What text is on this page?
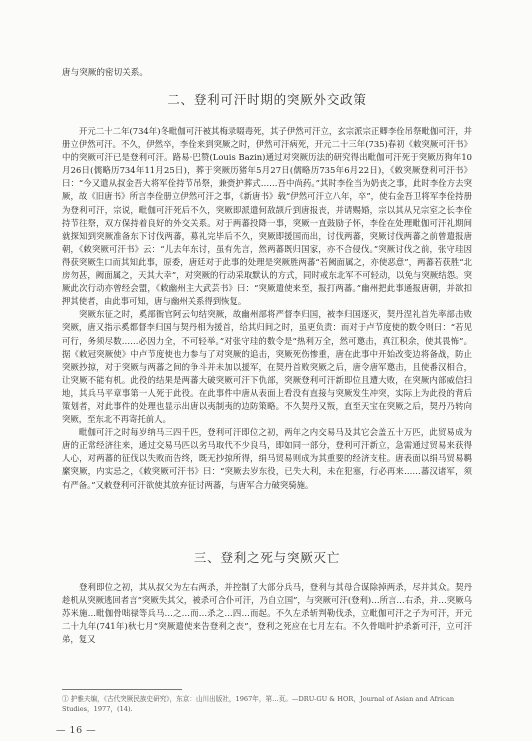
唐与突厥的密切关系。
二、登利可汗时期的突厥外交政策

开元二十二年(734年)冬毗伽可汗被其梅录啜毒死，其子伊然可汗立，玄宗派宗正卿李佺吊祭毗伽可汗，并册立伊然可汗。不久，伊然卒，李佺来到突厥之时，伊然可汗病死，开元二十三年(735)春初《敕突厥可汗书》中的突厥可汗已是登利可汗。路易·巴赞(Louis Bazin)通过对突厥历法的研究得出毗伽可汗死于突厥历狗年10月26日(儒略历734年11月25日)，葬于突厥历猪年5月27日(儒略历735年6月22日)，《敕突厥登利可汗书》曰：“今又遣从叔金吾大将军佺持节吊祭，兼赍护葬式……吾中尚药。”其时李佺当为奶丧之事，此时李佺方去突厥，故《旧唐书》所言李佺册立伊然可汗之事，《新唐书》载“伊然可汗立八年，卒”，使右金吾卫将军李佺持册为登利可汗，宗说，毗伽可汗死后不久，突厥即派遣何敌颉斤到唐报丧，并请赐婚，宗以其从兄宗室之长李佺持节往祭，双方保持着良好的外交关系。对于两蕃投降一事，突厥一直鼓励子怀，李佺在处理毗伽可汗礼期间就探知到突厥准备东下讨伐两蕃，募礼完毕后不久，突厥即援国而出，讨伐两蕃，突厥讨伐两蕃之前曾遣报唐朝，《敕突厥可汗书》云：“儿去年东讨，虽有先言，然两蕃既归国家，亦不合侵伐。”突厥讨伐之前，张守珪因得获突厥生口而其知此事，原委，唐廷对于此事的处理是突厥胜两蕃“若阙面属之，亦使恶意”，两蕃若获胜“北房勿甚，阙面属之，天其大幸”，对突厥的行动采取默认的方式，同时戒东北军不可轻动，以免与突厥结怨。突厥此次行动亦曾经会盟，《敕幽州主大武芸书》曰：“突厥遣使来至，报打两蕃。”幽州把此事通报唐朝，并欲扣押其使者，由此事可知，唐与幽州关系得到恢复。

突厥东征之时，奚部衙官阿云句结突厥，故幽州部将严督李归国，被李归国逐灭，契丹涅礼首先率部击败突厥，唐又指示奚都督李归国与契丹相为援首，给其归间之时，虽更负责：而对于卢节度使的数令则曰：“若见可行，务须尽数……必因力全，不可轻举。”对张守珪的数令是“热利万全，然可邀击，真江积余，使其畏怖”。据《敕冠突厥使》中卢节度使也力参与了对突厥的追击，突厥死伤惨重，唐在此事中开始改变边将备战，防止突厥抄掠，对于突厥与两蕃之间的争斗并未加以援军，在契丹首败突厥之后，唐令唐军邀击，且使番汉相合，让突厥不能有机。此役的结果是两蕃大破突厥可汗下仇部，突厥登利可汗新即位且遭大败，在突厥内部威信扫地，其兵马平章事第一人死于此役。在此事件中唐从表面上看没有直接与突厥发生冲突，实际上为此役的背后策划者，对此事件的处理也显示出唐以夷制夷的边防策略。不久契丹又叛，直至天宝在突厥之后，契丹乃转向突厥，至东北不再寄托前人。

毗伽可汗之时每岁纳马三四千匹，登利可汗即位之初，两年之内交易马及其它会盖五十万匹，此贸易成为唐的正常经济往来，通过交易马匹以劣马取代不少良马，即如同一部分，登利可汗新立，急需通过贸易来获得人心，对两蕃的征伐以失败而告终，既无抄掠所得，绢马贸易则成为其重要的经济支柱。唐表面以绢马贸易羁縻突厥，内实忌之，《敕突厥可汗书》曰：“突厥去岁东役，已失大利，未在犯塞，行必再来……蕃汉诸军，须有严备。”又敕登利可汗欲使其放弃征讨两蕃，与唐军合力破突骑施。

三、登利之死与突厥灭亡

登利即位之初，其从叔父为左右两杀，并控制了大部分兵马，登利与其母合谋除掉两杀，尽并其众。契丹趁机从突厥逃回者言“突厥失其父，被杀可合仆可汗，乃自立国”，与突厥可汗(登利)…所言…右杀，并…突厥乌苏米施…毗伽骨咄禄等兵马…之…而…杀之…四…而起。不久左杀斩判勒伐杀，立毗伽可汗之子为可汗，开元二十九年(741年)秋七月“突厥遣使来告登利之丧”，登利之死应在七月左右。不久骨咄叶护杀新可汗，立可汗弟，复又

① 护雅夫编，《古代突厥民族史研究》，东京：山川出版社，1967年，第…页。—DRU-GU & HOR，Journal of Asian and African Studies，1977，(14).
— 16 —
